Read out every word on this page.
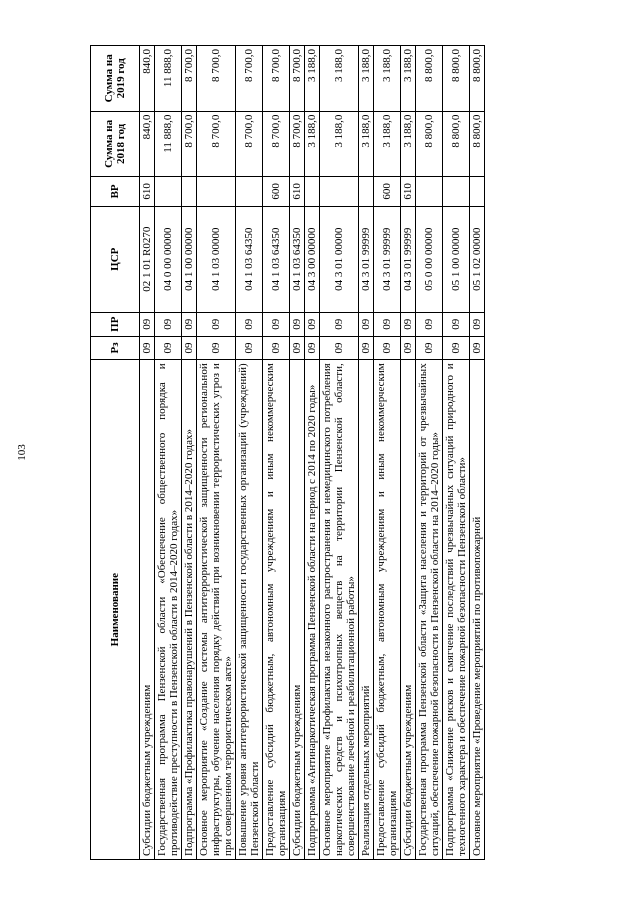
103
Наименование	Рз	ПР	ЦСР	ВР	Сумма на 2018 год	Сумма на 2019 год
Субсидии бюджетным учреждениям	09	09	02 1 01 R0270	610	840,0	840,0
Государственная программа Пензенской области «Обеспечение общественного порядка и противодействие преступности в Пензенской области в 2014–2020 годах»	09	09	04 0 00 00000		11 888,0	11 888,0
Подпрограмма «Профилактика правонарушений в Пензенской области в 2014–2020 годах»	09	09	04 1 00 00000		8 700,0	8 700,0
Основное мероприятие «Создание системы антитеррористической защищенности региональной инфраструктуры, обучение населения порядку действий при возникновении террористических угроз и при совершенном террористическом акте»	09	09	04 1 03 00000		8 700,0	8 700,0
Повышение уровня антитеррористической защищенности государственных организаций (учреждений) Пензенской области	09	09	04 1 03 64350		8 700,0	8 700,0
Предоставление субсидий бюджетным, автономным учреждениям и иным некоммерческим организациям	09	09	04 1 03 64350	600	8 700,0	8 700,0
Субсидии бюджетным учреждениям	09	09	04 1 03 64350	610	8 700,0	8 700,0
Подпрограмма «Антинаркотическая программа Пензенской области на период с 2014 по 2020 годы»	09	09	04 3 00 00000		3 188,0	3 188,0
Основное мероприятие «Профилактика незаконного распространения и немедицинского потребления наркотических средств и психотропных веществ на территории Пензенской области, совершенствование лечебной и реабилитационной работы»	09	09	04 3 01 00000		3 188,0	3 188,0
Реализация отдельных мероприятий	09	09	04 3 01 99999		3 188,0	3 188,0
Предоставление субсидий бюджетным, автономным учреждениям и иным некоммерческим организациям	09	09	04 3 01 99999	600	3 188,0	3 188,0
Субсидии бюджетным учреждениям	09	09	04 3 01 99999	610	3 188,0	3 188,0
Государственная программа Пензенской области «Защита населения и территорий от чрезвычайных ситуаций, обеспечение пожарной безопасности в Пензенской области на 2014–2020 годы»	09	09	05 0 00 00000		8 800,0	8 800,0
Подпрограмма «Снижение рисков и смягчение последствий чрезвычайных ситуаций природного и техногенного характера и обеспечение пожарной безопасности Пензенской области»	09	09	05 1 00 00000		8 800,0	8 800,0
Основное мероприятие «Проведение мероприятий по противопожарной	09	09	05 1 02 00000		8 800,0	8 800,0
